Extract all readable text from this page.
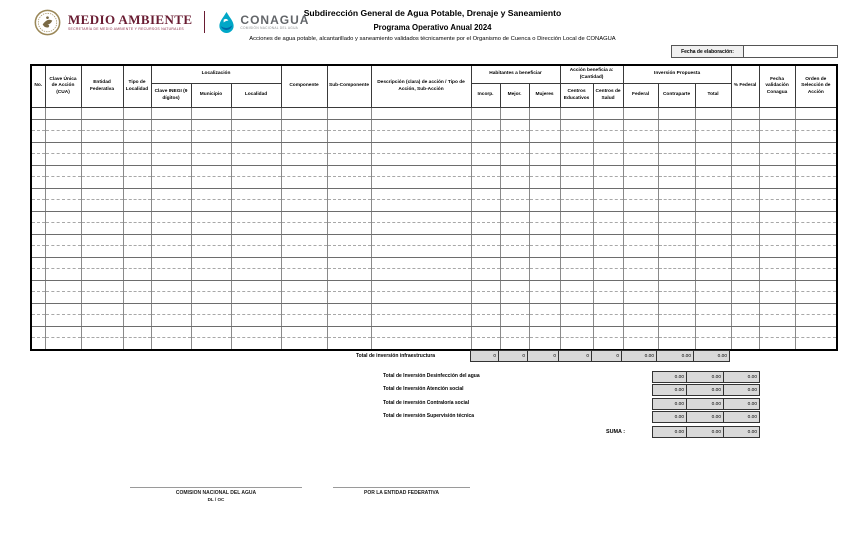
MEDIO AMBIENTE
SECRETARÍA DE MEDIO AMBIENTE Y RECURSOS NATURALES
CONAGUA
COMISIÓN NACIONAL DEL AGUA
Subdirección General de Agua Potable, Drenaje y Saneamiento
Programa Operativo Anual 2024
Acciones de agua potable, alcantarillado y saneamiento validados técnicamente por el Organismo de Cuenca o Dirección Local de CONAGUA
Fecha de elaboración:
No.	Clave Única de Acción (CUA)	Entidad Federativa	Tipo de Localidad	Localización			Componente	Sub-Componente	Descripción (clara) de acción / Tipo de Acción, Sub-Acción	Habitantes a beneficiar			Acción beneficia a: (Cantidad)		Inversión Propuesta			% Federal	Fecha validación Conagua	Orden de Selección de Acción
				Clave INEGI (9 dígitos)	Municipio	Localidad				Incorp.	Mejor.	Mujeres	Centros Educativos	Centros de Salud	Federal	Contraparte	Total			

Total de inversión infraestructura	0	0	0	0	0	0.00	0.00	0.00
Total de Inversión Desinfección del agua	0.00	0.00	0.00
Total de Inversión Atención social	0.00	0.00	0.00
Total de inversión Contraloría social	0.00	0.00	0.00
Total de inversión Supervisión técnica	0.00	0.00	0.00
SUMA :	0.00	0.00	0.00
COMISION NACIONAL DEL AGUA
DL / OC
POR LA ENTIDAD FEDERATIVA
